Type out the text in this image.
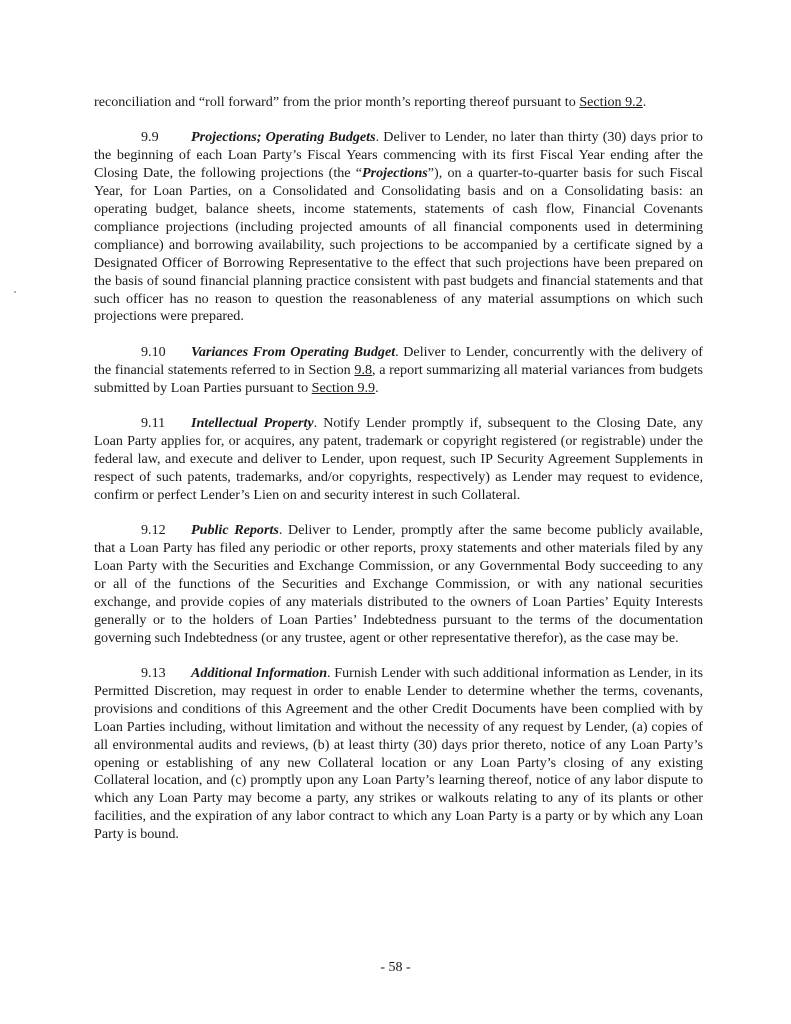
reconciliation and “roll forward” from the prior month’s reporting thereof pursuant to Section 9.2.

9.9 Projections; Operating Budgets. Deliver to Lender, no later than thirty (30) days prior to the beginning of each Loan Party’s Fiscal Years commencing with its first Fiscal Year ending after the Closing Date, the following projections (the “Projections”), on a quarter-to-quarter basis for such Fiscal Year, for Loan Parties, on a Consolidated and Consolidating basis and on a Consolidating basis: an operating budget, balance sheets, income statements, statements of cash flow, Financial Covenants compliance projections (including projected amounts of all financial components used in determining compliance) and borrowing availability, such projections to be accompanied by a certificate signed by a Designated Officer of Borrowing Representative to the effect that such projections have been prepared on the basis of sound financial planning practice consistent with past budgets and financial statements and that such officer has no reason to question the reasonableness of any material assumptions on which such projections were prepared.

9.10 Variances From Operating Budget. Deliver to Lender, concurrently with the delivery of the financial statements referred to in Section 9.8, a report summarizing all material variances from budgets submitted by Loan Parties pursuant to Section 9.9.

9.11 Intellectual Property. Notify Lender promptly if, subsequent to the Closing Date, any Loan Party applies for, or acquires, any patent, trademark or copyright registered (or registrable) under the federal law, and execute and deliver to Lender, upon request, such IP Security Agreement Supplements in respect of such patents, trademarks, and/or copyrights, respectively) as Lender may request to evidence, confirm or perfect Lender’s Lien on and security interest in such Collateral.

9.12 Public Reports. Deliver to Lender, promptly after the same become publicly available, that a Loan Party has filed any periodic or other reports, proxy statements and other materials filed by any Loan Party with the Securities and Exchange Commission, or any Governmental Body succeeding to any or all of the functions of the Securities and Exchange Commission, or with any national securities exchange, and provide copies of any materials distributed to the owners of Loan Parties’ Equity Interests generally or to the holders of Loan Parties’ Indebtedness pursuant to the terms of the documentation governing such Indebtedness (or any trustee, agent or other representative therefor), as the case may be.

9.13 Additional Information. Furnish Lender with such additional information as Lender, in its Permitted Discretion, may request in order to enable Lender to determine whether the terms, covenants, provisions and conditions of this Agreement and the other Credit Documents have been complied with by Loan Parties including, without limitation and without the necessity of any request by Lender, (a) copies of all environmental audits and reviews, (b) at least thirty (30) days prior thereto, notice of any Loan Party’s opening or establishing of any new Collateral location or any Loan Party’s closing of any existing Collateral location, and (c) promptly upon any Loan Party’s learning thereof, notice of any labor dispute to which any Loan Party may become a party, any strikes or walkouts relating to any of its plants or other facilities, and the expiration of any labor contract to which any Loan Party is a party or by which any Loan Party is bound.

- 58 -
